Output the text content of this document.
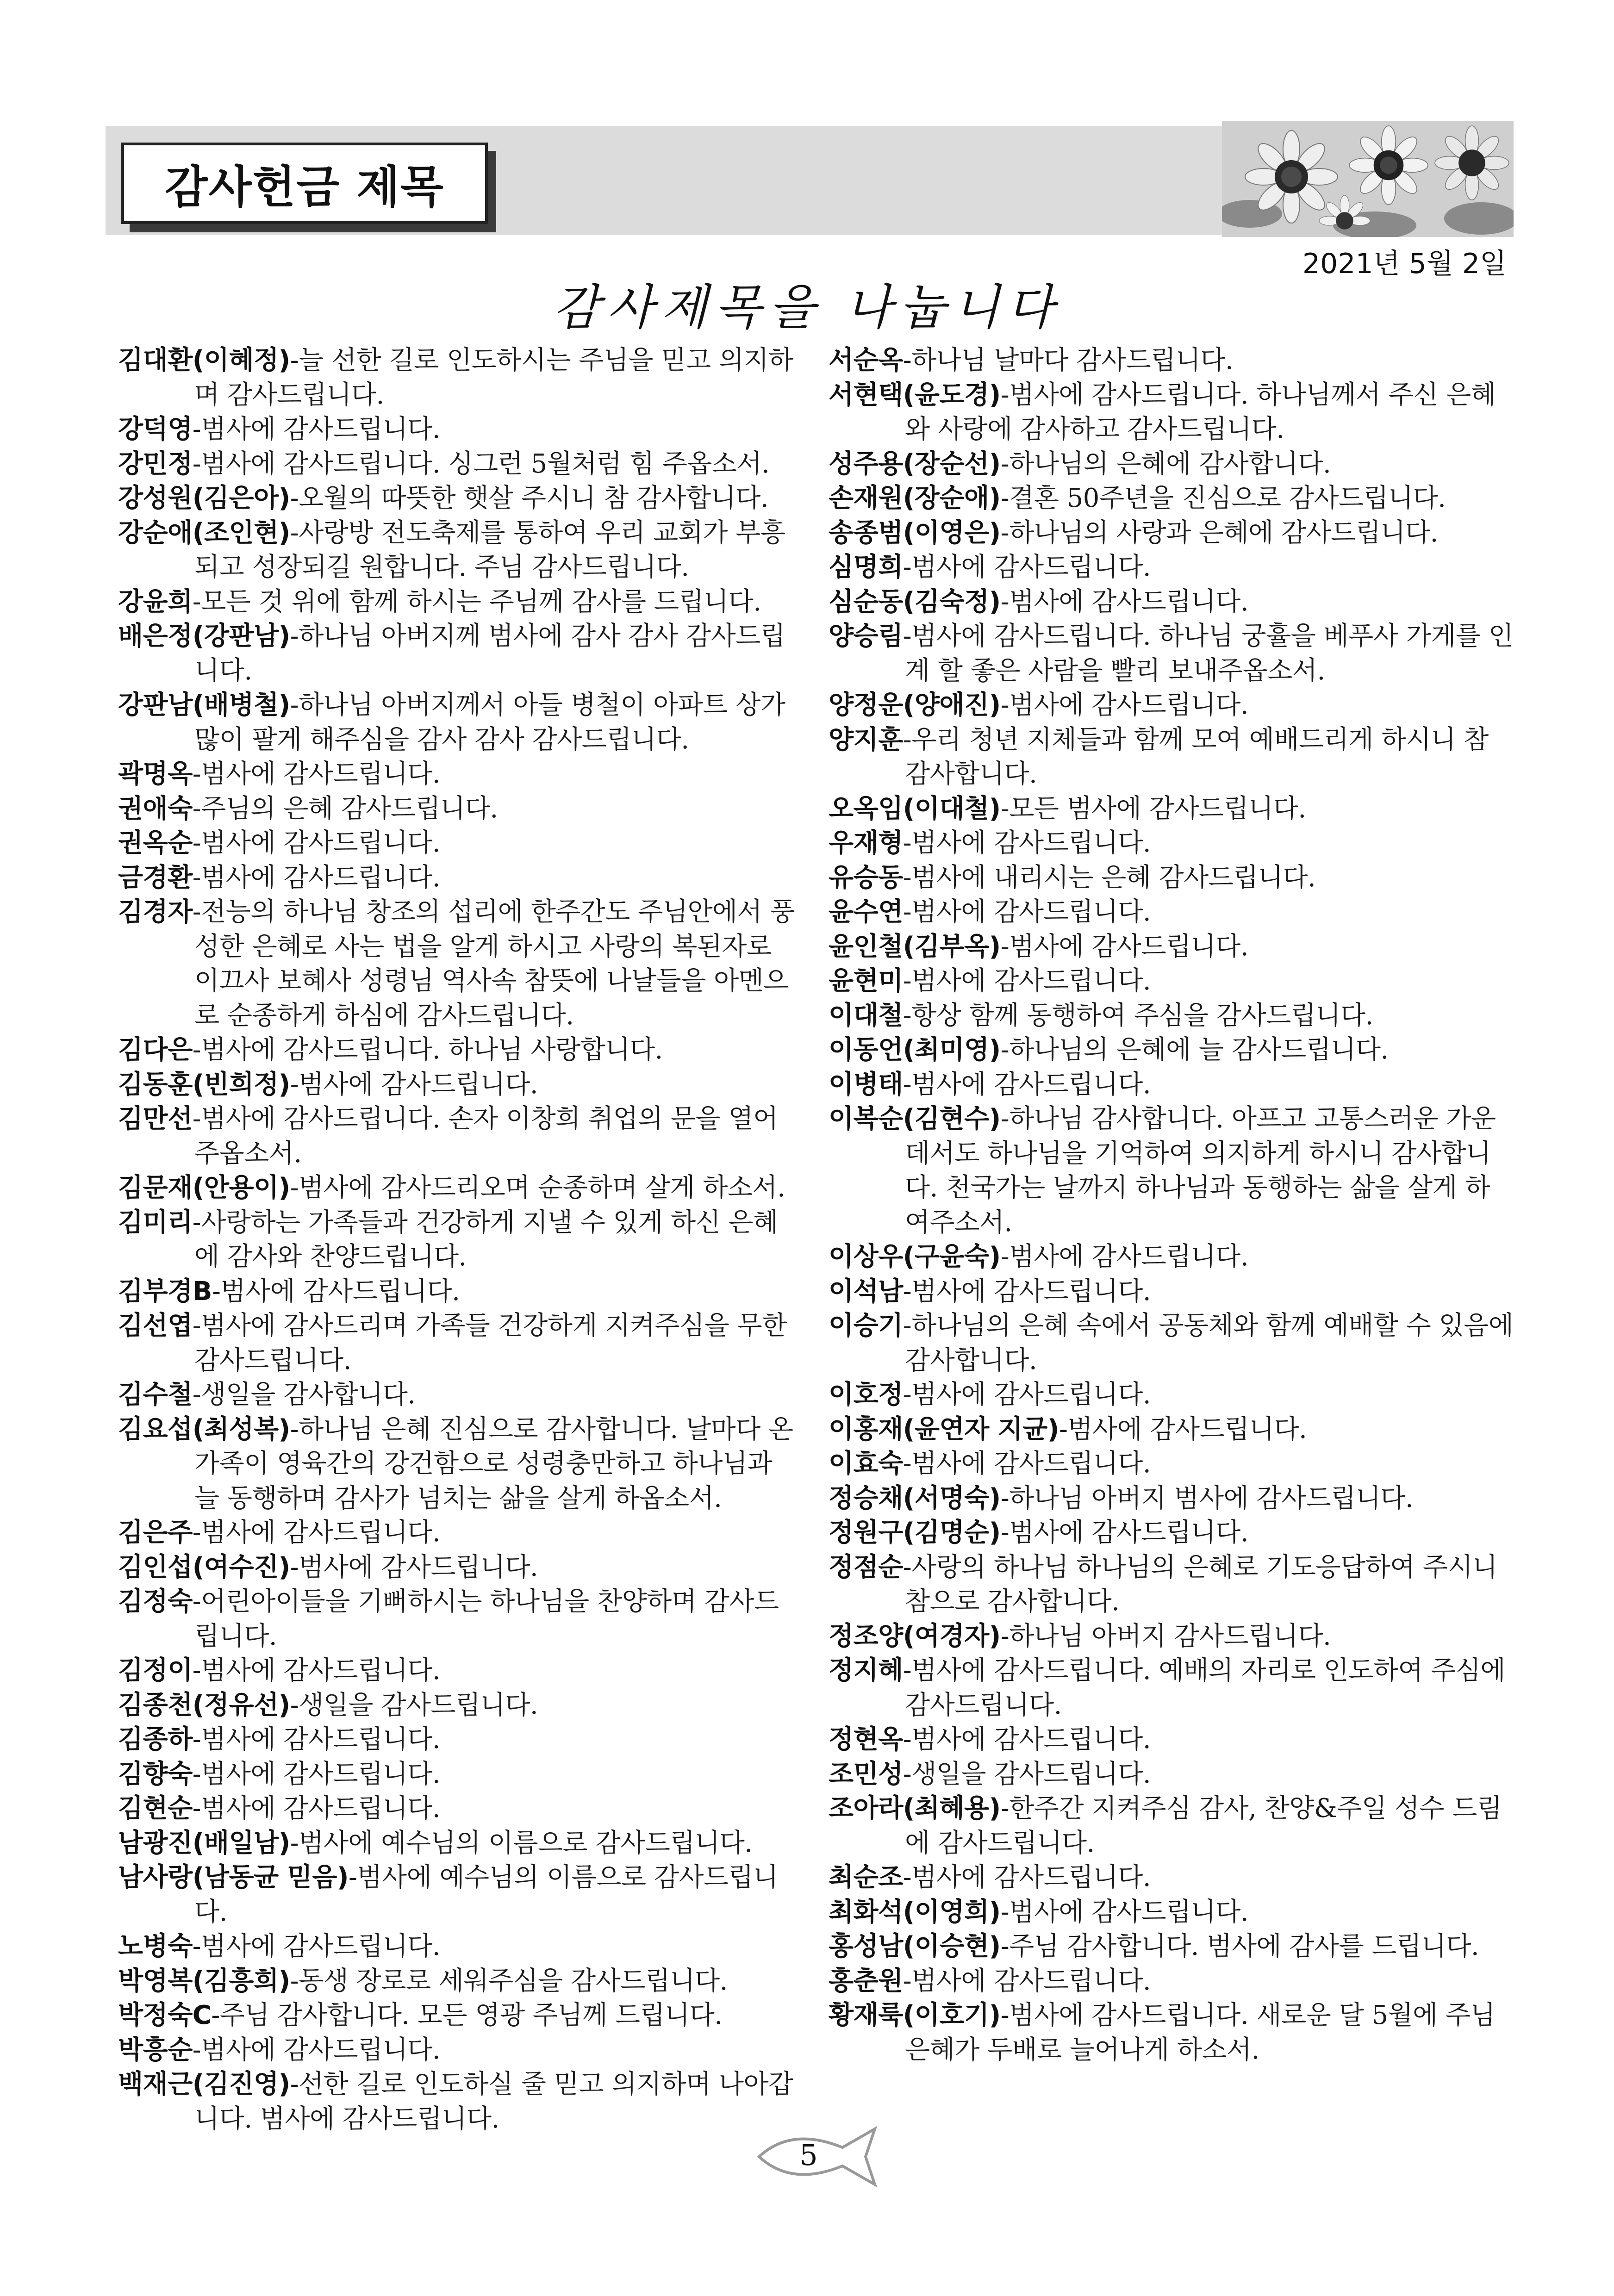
감사헌금 제목
2021년 5월 2일
감사제목을 나눕니다

김대환(이혜정)-늘 선한 길로 인도하시는 주님을 믿고 의지하며 감사드립니다.

강덕영-범사에 감사드립니다.

강민정-범사에 감사드립니다. 싱그런 5월처럼 힘 주옵소서.

강성원(김은아)-오월의 따뜻한 햇살 주시니 참 감사합니다.

강순애(조인현)-사랑방 전도축제를 통하여 우리 교회가 부흥되고 성장되길 원합니다. 주님 감사드립니다.

강윤희-모든 것 위에 함께 하시는 주님께 감사를 드립니다.

배은정(강판남)-하나님 아버지께 범사에 감사 감사 감사드립니다.

강판남(배병철)-하나님 아버지께서 아들 병철이 아파트 상가 많이 팔게 해주심을 감사 감사 감사드립니다.

곽명옥-범사에 감사드립니다.

권애숙-주님의 은혜 감사드립니다.

권옥순-범사에 감사드립니다.

금경환-범사에 감사드립니다.

김경자-전능의 하나님 창조의 섭리에 한주간도 주님안에서 풍성한 은혜로 사는 법을 알게 하시고 사랑의 복된자로 이끄사 보혜사 성령님 역사속 참뜻에 나날들을 아멘으로 순종하게 하심에 감사드립니다.

김다은-범사에 감사드립니다. 하나님 사랑합니다.

김동훈(빈희정)-범사에 감사드립니다.

김만선-범사에 감사드립니다. 손자 이창희 취업의 문을 열어주옵소서.

김문재(안용이)-범사에 감사드리오며 순종하며 살게 하소서.

김미리-사랑하는 가족들과 건강하게 지낼 수 있게 하신 은혜에 감사와 찬양드립니다.

김부경B-범사에 감사드립니다.

김선엽-범사에 감사드리며 가족들 건강하게 지켜주심을 무한 감사드립니다.

김수철-생일을 감사합니다.

김요섭(최성복)-하나님 은혜 진심으로 감사합니다. 날마다 온 가족이 영육간의 강건함으로 성령충만하고 하나님과 늘 동행하며 감사가 넘치는 삶을 살게 하옵소서.

김은주-범사에 감사드립니다.

김인섭(여수진)-범사에 감사드립니다.

김정숙-어린아이들을 기뻐하시는 하나님을 찬양하며 감사드립니다.

김정이-범사에 감사드립니다.

김종천(정유선)-생일을 감사드립니다.

김종하-범사에 감사드립니다.

김향숙-범사에 감사드립니다.

김현순-범사에 감사드립니다.

남광진(배일남)-범사에 예수님의 이름으로 감사드립니다.

남사랑(남동균 믿음)-범사에 예수님의 이름으로 감사드립니다.

노병숙-범사에 감사드립니다.

박영복(김흥희)-동생 장로로 세워주심을 감사드립니다.

박정숙C-주님 감사합니다. 모든 영광 주님께 드립니다.

박흥순-범사에 감사드립니다.

백재근(김진영)-선한 길로 인도하실 줄 믿고 의지하며 나아갑니다. 범사에 감사드립니다.

서순옥-하나님 날마다 감사드립니다.

서현택(윤도경)-범사에 감사드립니다. 하나님께서 주신 은혜와 사랑에 감사하고 감사드립니다.

성주용(장순선)-하나님의 은혜에 감사합니다.

손재원(장순애)-결혼 50주년을 진심으로 감사드립니다.

송종범(이영은)-하나님의 사랑과 은혜에 감사드립니다.

심명희-범사에 감사드립니다.

심순동(김숙정)-범사에 감사드립니다.

양승림-범사에 감사드립니다. 하나님 궁휼을 베푸사 가게를 인계 할 좋은 사람을 빨리 보내주옵소서.

양정운(양애진)-범사에 감사드립니다.

양지훈-우리 청년 지체들과 함께 모여 예배드리게 하시니 참 감사합니다.

오옥임(이대철)-모든 범사에 감사드립니다.

우재형-범사에 감사드립니다.

유승동-범사에 내리시는 은혜 감사드립니다.

윤수연-범사에 감사드립니다.

윤인철(김부옥)-범사에 감사드립니다.

윤현미-범사에 감사드립니다.

이대철-항상 함께 동행하여 주심을 감사드립니다.

이동언(최미영)-하나님의 은혜에 늘 감사드립니다.

이병태-범사에 감사드립니다.

이복순(김현수)-하나님 감사합니다. 아프고 고통스러운 가운데서도 하나님을 기억하여 의지하게 하시니 감사합니다. 천국가는 날까지 하나님과 동행하는 삶을 살게 하여주소서.

이상우(구윤숙)-범사에 감사드립니다.

이석남-범사에 감사드립니다.

이승기-하나님의 은혜 속에서 공동체와 함께 예배할 수 있음에 감사합니다.

이호정-범사에 감사드립니다.

이홍재(윤연자 지균)-범사에 감사드립니다.

이효숙-범사에 감사드립니다.

정승채(서명숙)-하나님 아버지 범사에 감사드립니다.

정원구(김명순)-범사에 감사드립니다.

정점순-사랑의 하나님 하나님의 은혜로 기도응답하여 주시니 참으로 감사합니다.

정조양(여경자)-하나님 아버지 감사드립니다.

정지혜-범사에 감사드립니다. 예배의 자리로 인도하여 주심에 감사드립니다.

정현옥-범사에 감사드립니다.

조민성-생일을 감사드립니다.

조아라(최혜용)-한주간 지켜주심 감사, 찬양&주일 성수 드림에 감사드립니다.

최순조-범사에 감사드립니다.

최화석(이영희)-범사에 감사드립니다.

홍성남(이승현)-주님 감사합니다. 범사에 감사를 드립니다.

홍춘원-범사에 감사드립니다.

황재룩(이호기)-범사에 감사드립니다. 새로운 달 5월에 주님 은혜가 두배로 늘어나게 하소서.

5
